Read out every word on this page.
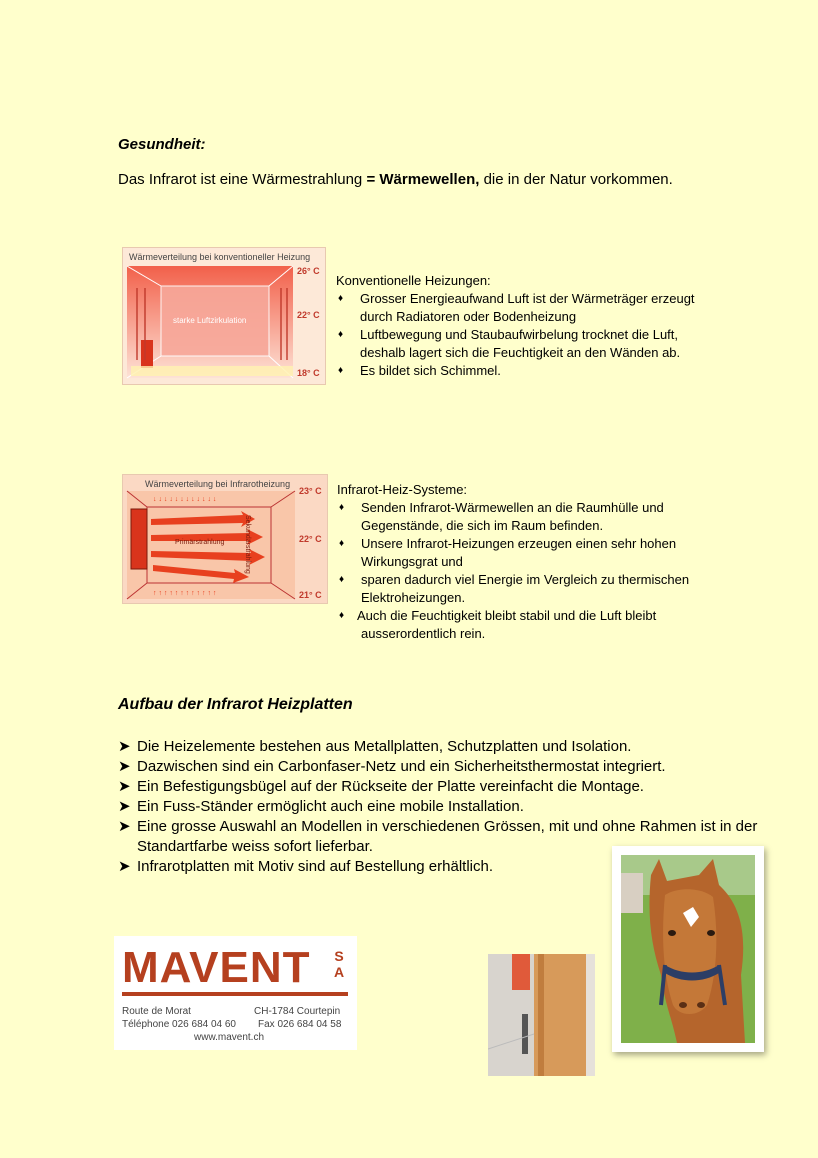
Gesundheit:
Das Infrarot ist eine Wärmestrahlung = Wärmewellen, die in der Natur vorkommen.
Wärmeverteilung bei konventioneller Heizung
starke Luftzirkulation
26° C
22° C
18° C
Konventionelle Heizungen:
♦	Grosser Energieaufwand Luft ist der Wärmeträger erzeugt
durch Radiatoren oder Bodenheizung
♦	Luftbewegung und Staubaufwirbelung trocknet die Luft,
deshalb lagert sich die Feuchtigkeit an den Wänden ab.
♦	Es bildet sich Schimmel.
Wärmeverteilung bei Infrarotheizung
↓ ↓ ↓ ↓ ↓ ↓ ↓ ↓ ↓ ↓ ↓ ↓
↑ ↑ ↑ ↑ ↑ ↑ ↑ ↑ ↑ ↑ ↑ ↑
Primärstrahlung	Sekundärstrahlung
23° C
22° C
21° C
Infrarot-Heiz-Systeme:
♦	Senden Infrarot-Wärmewellen an die Raumhülle und
Gegenstände, die sich im Raum befinden.
♦	Unsere Infrarot-Heizungen erzeugen einen sehr hohen
Wirkungsgrat und
♦	sparen dadurch viel Energie im Vergleich zu thermischen
Elektroheizungen.
♦ Auch die Feuchtigkeit bleibt stabil und die Luft bleibt
ausserordentlich rein.
Aufbau der Infrarot Heizplatten
➤ Die Heizelemente bestehen aus Metallplatten, Schutzplatten und Isolation.
➤ Dazwischen sind ein Carbonfaser-Netz und ein Sicherheitsthermostat integriert.
➤ Ein Befestigungsbügel auf der Rückseite der Platte vereinfacht die Montage.
➤ Ein Fuss-Ständer ermöglicht auch eine mobile Installation.
➤ Eine grosse Auswahl an Modellen in verschiedenen Grössen, mit und ohne Rahmen ist in der Standartfarbe weiss sofort lieferbar.
➤ Infrarotplatten mit Motiv sind auf Bestellung erhältlich.
MAVENT SA
Route de Morat	CH-1784 Courtepin
Téléphone 026 684 04 60 Fax 026 684 04 58
www.mavent.ch
